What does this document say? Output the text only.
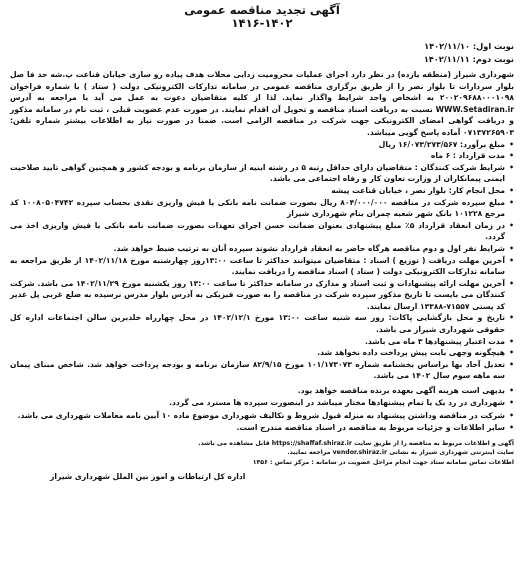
آگهی تجدید مناقصه عمومی
۱۴۱۶-۱۴۰۲
نوبت اول: ۱۴۰۲/۱۱/۱۰
نوبت دوم: ۱۴۰۲/۱۱/۱۱
شهرداری شیراز (منطقه یازده) در نظر دارد اجرای عملیات محرومیت زدایی محلات هدف پیاده رو سازی خیابان قناعت پ.شه حد فا صل بلوار سردارات تا بلوار نصر را از طریق برگزاری مناقصه عمومی در سامانه تدارکات الکترونیکی دولت ( ستاد ) با شماره فراخوان ۲۰۰۲۰۹۶۸۸۰۰۰۱۰۹۸ به اشخاص واجد شرایط واگذار نماید. لذا از کلیه متقاضیان دعوت به عمل می آید با مراجعه به آدرس WWW.Setadiran.ir نسبت به دریافت اسناد مناقصه و تحویل آن اقدام نمایند. در صورت عدم عضویت قبلی ، ثبت نام در سامانه مذکور و دریافت گواهی امضای الکترونیکی جهت شرکت در مناقصه الزامی است. ضمنا در صورت نیاز به اطلاعات بیشتر شماره تلفن: ۰۷۱۳۷۲۶۵۹۰۳ آماده پاسخ گویی میباشد.
•
مبلغ برآورد: ۱۶/۰۷۳/۲۷۳/۵۶۷ ریال
•
مدت قرارداد : ۶ ماه
•
شرایط شرکت کنندگان : متقاضیان دارای حداقل رتبه ۵ در رشته ابنیه از سازمان برنامه و بودجه کشور و همچنین گواهی تایید صلاحیت ایمنی پیمانکاران از وزارت تعاون کار و رفاه اجتماعی می باشد.
•
محل انجام کار: بلوار نصر ، خیابان قناعت پیشه
•
مبلغ سپرده شرکت در مناقصه ۸۰۴/۰۰۰/۰۰۰ ریال بصورت ضمانت نامه بانکی یا فیش واریزی نقدی بحساب سپرده ۱۰۰۸۰۵۰۴۷۴۲ کد مرجع ۱۰۱۲۲۸ بانک شهر شعبه چمران بنام شهرداری شیراز
•
در زمان انعقاد قرارداد ۵٪ مبلغ پیشنهادی بعنوان ضمانت حسن اجرای تعهدات بصورت ضمانت نامه بانکی یا فیش واریزی اخذ می گردد.
•
شرایط نفر اول و دوم مناقصه هرگاه حاضر به انعقاد قرارداد نشوند سپرده آنان به ترتیب ضبط خواهد شد.
•
آخرین مهلت دریافت ( توزیع ) اسناد : متقاضیان میتوانند حداکثر تا ساعت ۱۳:۰۰روز چهارشنبه مورخ ۱۴۰۲/۱۱/۱۸ از طریق مراجعه به سامانه تدارکات الکترونیکی دولت ( ستاد ) اسناد مناقصه را دریافت نمایند.
•
آخرین مهلت ارائه پیشنهادات و ثبت اسناد و مدارک در سامانه حداکثر تا ساعت ۱۳:۰۰ روز یکشنبه مورخ ۱۴۰۲/۱۱/۲۹ می باشد. شرکت کنندگان می بایست تا تاریخ مذکور سپرده شرکت در مناقصه را به صورت فیزیکی به آدرس بلوار مدرس نرسیده به ضلع غربی پل غدیر کد پستی ۷۱۵۵۷-۱۳۳۸۸ ارسال نمایند.
•
تاریخ و محل بازگشایی پاکات: روز سه شنبه ساعت ۱۳:۰۰ مورخ ۱۴۰۲/۱۲/۱ در محل چهارراه خلدبرین سالن اجتماعات اداره کل حقوقی شهرداری شیراز می باشد.
•
مدت اعتبار پیشنهادها ۳ ماه می باشد.
•
هیچگونه وجهی بابت پیش پرداخت داده نخواهد شد.
•
تعدیل آحاد بها براساس بخشنامه شماره ۱۰۱/۱۷۳۰۷۳ مورخ ۸۲/۹/۱۵ سازمان برنامه و بودجه پرداخت خواهد شد. شاخص مبنای پیمان سه ماهه سوم سال ۱۴۰۲ می باشد.
•
بدیهی است هزینه آگهی بعهده برنده مناقصه خواهد بود.
•
شهرداری در رد یک یا تمام پیشنهادها مختار میباشد در اینصورت سپرده ها مسترد می گردد.
•
شرکت در مناقصه وداشتن پیشنهاد به منزله قبول شروط و تکالیف شهرداری موضوع ماده ۱۰ آیین نامه معاملات شهرداری می باشد.
•
سایر اطلاعات و جزئیات مربوط به مناقصه در اسناد مناقصه مندرج است.
آگهی و اطلاعات مربوط به مناقصه را از طریق سایت https://shaffaf.shiraz.ir قابل مشاهده می باشد.
سایت اینترنتی شهرداری شیراز به نشانی vendor.shiraz.ir مراجعه نمایید.
اطلاعات تماس سامانه ستاد جهت انجام مراحل عضویت در سامانه : مرکز تماس : ۱۴۵۶
اداره کل ارتباطات و امور بین الملل شهرداری شیراز
